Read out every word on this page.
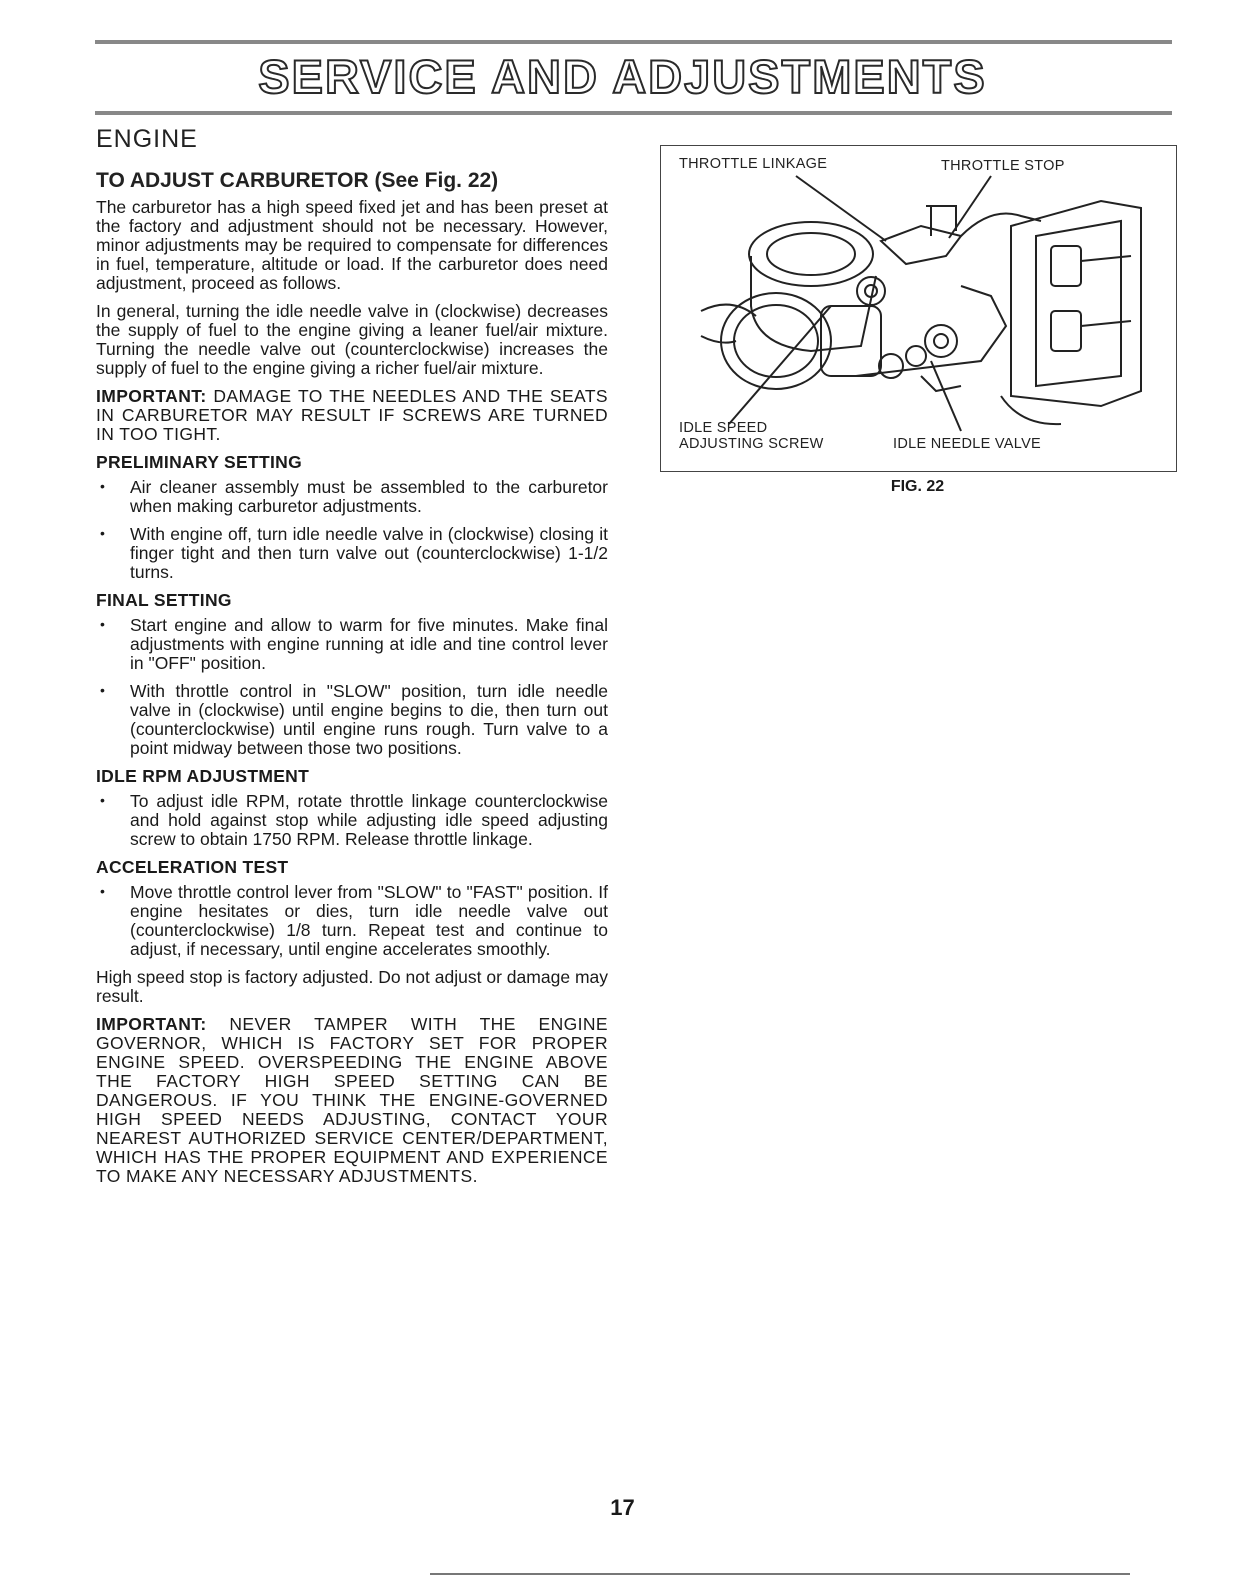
SERVICE AND ADJUSTMENTS
ENGINE
TO ADJUST CARBURETOR (See Fig. 22)

The carburetor has a high speed fixed jet and has been preset at the factory and adjustment should not be necessary. However, minor adjustments may be required to compensate for differences in fuel, temperature, altitude or load. If the carburetor does need adjustment, proceed as follows.

In general, turning the idle needle valve in (clockwise) decreases the supply of fuel to the engine giving a leaner fuel/air mixture. Turning the needle valve out (counterclockwise) increases the supply of fuel to the engine giving a richer fuel/air mixture.

IMPORTANT: DAMAGE TO THE NEEDLES AND THE SEATS IN CARBURETOR MAY RESULT IF SCREWS ARE TURNED IN TOO TIGHT.

PRELIMINARY SETTING
• Air cleaner assembly must be assembled to the carburetor when making carburetor adjustments.
• With engine off, turn idle needle valve in (clockwise) closing it finger tight and then turn valve out (counterclockwise) 1-1/2 turns.
FINAL SETTING
• Start engine and allow to warm for five minutes. Make final adjustments with engine running at idle and tine control lever in "OFF" position.
• With throttle control in "SLOW" position, turn idle needle valve in (clockwise) until engine begins to die, then turn out (counterclockwise) until engine runs rough. Turn valve to a point midway between those two positions.
IDLE RPM ADJUSTMENT
• To adjust idle RPM, rotate throttle linkage counterclockwise and hold against stop while adjusting idle speed adjusting screw to obtain 1750 RPM. Release throttle linkage.
ACCELERATION TEST
• Move throttle control lever from "SLOW" to "FAST" position. If engine hesitates or dies, turn idle needle valve out (counterclockwise) 1/8 turn. Repeat test and continue to adjust, if necessary, until engine accelerates smoothly.

High speed stop is factory adjusted. Do not adjust or damage may result.

IMPORTANT: NEVER TAMPER WITH THE ENGINE GOVERNOR, WHICH IS FACTORY SET FOR PROPER ENGINE SPEED. OVERSPEEDING THE ENGINE ABOVE THE FACTORY HIGH SPEED SETTING CAN BE DANGEROUS. IF YOU THINK THE ENGINE-GOVERNED HIGH SPEED NEEDS ADJUSTING, CONTACT YOUR NEAREST AUTHORIZED SERVICE CENTER/DEPARTMENT, WHICH HAS THE PROPER EQUIPMENT AND EXPERIENCE TO MAKE ANY NECESSARY ADJUSTMENTS.

THROTTLE LINKAGE	THROTTLE STOP
IDLE SPEED
ADJUSTING SCREW	IDLE NEEDLE VALVE
FIG. 22
17
